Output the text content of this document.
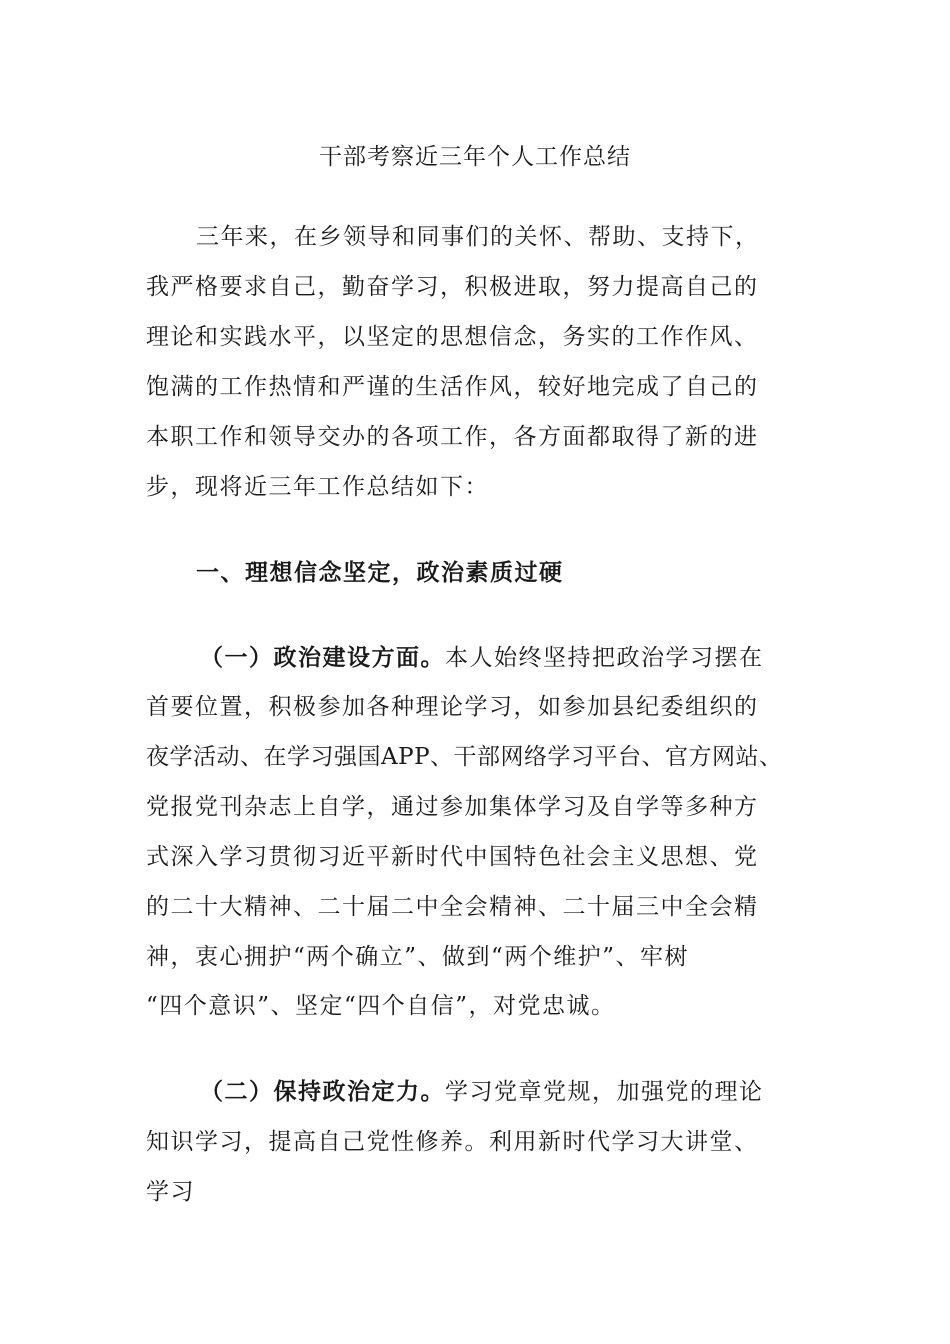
干部考察近三年个人工作总结
三年来，在乡领导和同事们的关怀、帮助、支持下，
我严格要求自己，勤奋学习，积极进取，努力提高自己的
理论和实践水平，以坚定的思想信念，务实的工作作风、
饱满的工作热情和严谨的生活作风，较好地完成了自己的
本职工作和领导交办的各项工作，各方面都取得了新的进
步，现将近三年工作总结如下：
一、理想信念坚定，政治素质过硬
（一）政治建设方面。本人始终坚持把政治学习摆在
首要位置，积极参加各种理论学习，如参加县纪委组织的
夜学活动、在学习强国APP、干部网络学习平台、官方网站、
党报党刊杂志上自学，通过参加集体学习及自学等多种方
式深入学习贯彻习近平新时代中国特色社会主义思想、党
的二十大精神、二十届二中全会精神、二十届三中全会精
神，衷心拥护“两个确立”、做到“两个维护”、牢树
“四个意识”、坚定“四个自信”，对党忠诚。
（二）保持政治定力。学习党章党规，加强党的理论
知识学习，提高自己党性修养。利用新时代学习大讲堂、
学习
